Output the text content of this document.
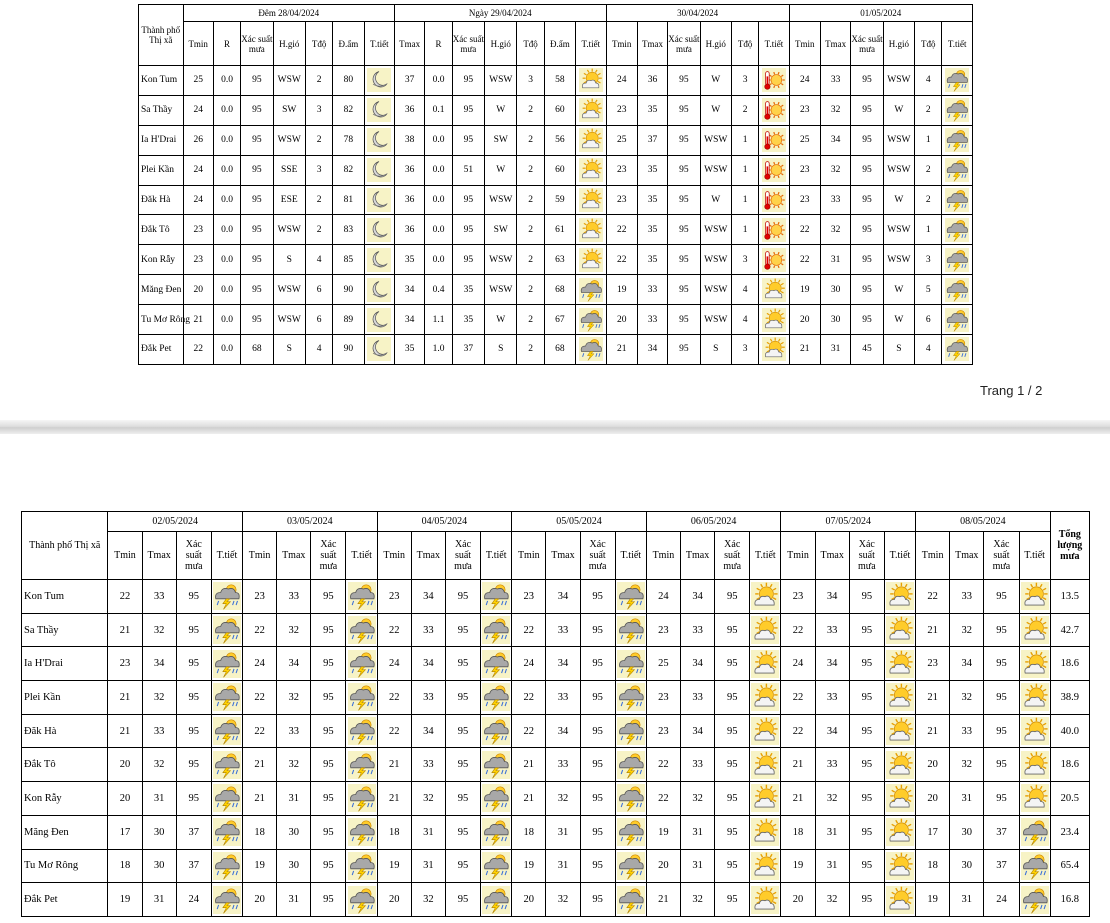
Thành phố Thị xã	Đêm 28/04/2024							Ngày 29/04/2024							30/04/2024						01/05/2024					
	Tmin	R	Xác suất mưa	H.gió	Tđộ	Đ.ẩm	T.tiết	Tmax	R	Xác suất mưa	H.gió	Tđộ	Đ.ẩm	T.tiết	Tmin	Tmax	Xác suất mưa	H.gió	Tđộ	T.tiết	Tmin	Tmax	Xác suất mưa	H.gió	Tđộ	T.tiết
Kon Tum	25	0.0	95	WSW	2	80		37	0.0	95	WSW	3	58		24	36	95	W	3		24	33	95	WSW	4	

Sa Thầy	24	0.0	95	SW	3	82		36	0.1	95	W	2	60		23	35	95	W	2		23	32	95	W	2	

Ia H'Drai	26	0.0	95	WSW	2	78		38	0.0	95	SW	2	56		25	37	95	WSW	1		25	34	95	WSW	1	

Plei Kần	24	0.0	95	SSE	3	82		36	0.0	51	W	2	60		23	35	95	WSW	1		23	32	95	WSW	2	

Đăk Hà	24	0.0	95	ESE	2	81		36	0.0	95	WSW	2	59		23	35	95	W	1		23	33	95	W	2	

Đắk Tô	23	0.0	95	WSW	2	83		36	0.0	95	SW	2	61		22	35	95	WSW	1		22	32	95	WSW	1	

Kon Rẫy	23	0.0	95	S	4	85		35	0.0	95	WSW	2	63		22	35	95	WSW	3		22	31	95	WSW	3	

Măng Đen	20	0.0	95	WSW	6	90		34	0.4	35	WSW	2	68		19	33	95	WSW	4		19	30	95	W	5	

Tu Mơ Rông	21	0.0	95	WSW	6	89		34	1.1	35	W	2	67		20	33	95	WSW	4		20	30	95	W	6	

Đắk Pet	22	0.0	68	S	4	90		35	1.0	37	S	2	68		21	34	95	S	3		21	31	45	S	4	
Trang 1 / 2
Thành phố Thị xã	02/05/2024				03/05/2024				04/05/2024				05/05/2024				06/05/2024				07/05/2024				08/05/2024				Tổng lượng mưa
	Tmin	Tmax	Xác suất mưa	T.tiết	Tmin	Tmax	Xác suất mưa	T.tiết	Tmin	Tmax	Xác suất mưa	T.tiết	Tmin	Tmax	Xác suất mưa	T.tiết	Tmin	Tmax	Xác suất mưa	T.tiết	Tmin	Tmax	Xác suất mưa	T.tiết	Tmin	Tmax	Xác suất mưa	T.tiết	
Kon Tum	22	33	95		23	33	95		23	34	95		23	34	95		24	34	95		23	34	95		22	33	95		13.5
Sa Thầy	21	32	95		22	32	95		22	33	95		22	33	95		23	33	95		22	33	95		21	32	95		42.7
Ia H'Drai	23	34	95		24	34	95		24	34	95		24	34	95		25	34	95		24	34	95		23	34	95		18.6
Plei Kần	21	32	95		22	32	95		22	33	95		22	33	95		23	33	95		22	33	95		21	32	95		38.9
Đăk Hà	21	33	95		22	33	95		22	34	95		22	34	95		23	34	95		22	34	95		21	33	95		40.0
Đắk Tô	20	32	95		21	32	95		21	33	95		21	33	95		22	33	95		21	33	95		20	32	95		18.6
Kon Rẫy	20	31	95		21	31	95		21	32	95		21	32	95		22	32	95		21	32	95		20	31	95		20.5
Măng Đen	17	30	37		18	30	95		18	31	95		18	31	95		19	31	95		18	31	95		17	30	37		23.4
Tu Mơ Rông	18	30	37		19	30	95		19	31	95		19	31	95		20	31	95		19	31	95		18	30	37		65.4
Đắk Pet	19	31	24		20	31	95		20	32	95		20	32	95		21	32	95		20	32	95		19	31	24		16.8
